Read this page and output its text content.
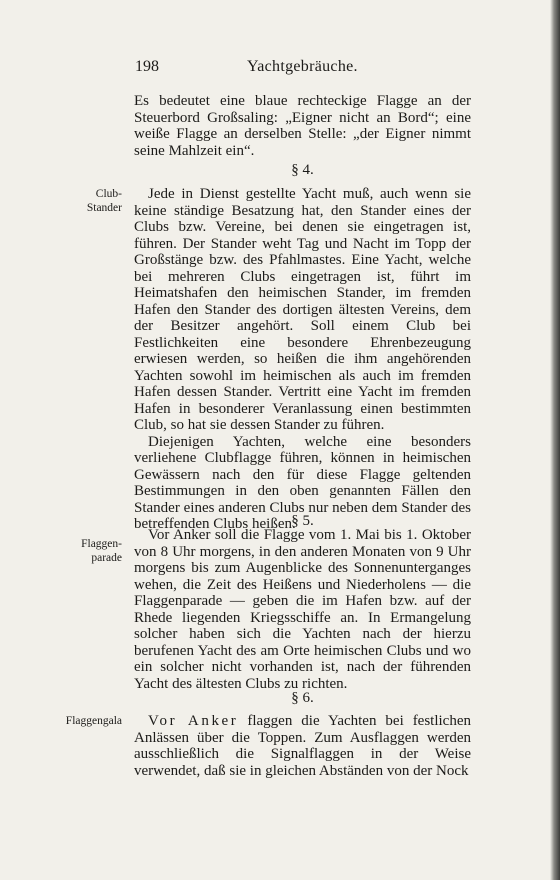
198	Yachtgebräuche.

Es bedeutet eine blaue rechteckige Flagge an der Steuerbord Großsaling: „Eigner nicht an Bord“; eine weiße Flagge an derselben Stelle: „der Eigner nimmt seine Mahlzeit ein“.

§ 4.
Club-
Stander

Jede in Dienst gestellte Yacht muß, auch wenn sie keine ständige Besatzung hat, den Stander eines der Clubs bzw. Vereine, bei denen sie eingetragen ist, führen. Der Stander weht Tag und Nacht im Topp der Großstänge bzw. des Pfahlmastes. Eine Yacht, welche bei mehreren Clubs eingetragen ist, führt im Heimatshafen den heimischen Stander, im fremden Hafen den Stander des dortigen ältesten Vereins, dem der Besitzer angehört. Soll einem Club bei Festlichkeiten eine besondere Ehrenbezeugung erwiesen werden, so heißen die ihm angehörenden Yachten sowohl im heimischen als auch im fremden Hafen dessen Stander. Vertritt eine Yacht im fremden Hafen in besonderer Veranlassung einen bestimmten Club, so hat sie dessen Stander zu führen.

Diejenigen Yachten, welche eine besonders verliehene Clubflagge führen, können in heimischen Gewässern nach den für diese Flagge geltenden Bestimmungen in den oben genannten Fällen den Stander eines anderen Clubs nur neben dem Stander des betreffenden Clubs heißen.

§ 5.
Flaggen-
parade

Vor Anker soll die Flagge vom 1. Mai bis 1. Oktober von 8 Uhr morgens, in den anderen Monaten von 9 Uhr morgens bis zum Augenblicke des Sonnenunterganges wehen, die Zeit des Heißens und Niederholens — die Flaggenparade — geben die im Hafen bzw. auf der Rhede liegenden Kriegsschiffe an. In Ermangelung solcher haben sich die Yachten nach der hierzu berufenen Yacht des am Orte heimischen Clubs und wo ein solcher nicht vorhanden ist, nach der führenden Yacht des ältesten Clubs zu richten.

§ 6.
Flaggengala	Vor Anker flaggen die Yachten bei festlichen Anlässen über die Toppen. Zum Ausflaggen werden ausschließlich die Signalflaggen in der Weise verwendet, daß sie in gleichen Abständen von der Nock
